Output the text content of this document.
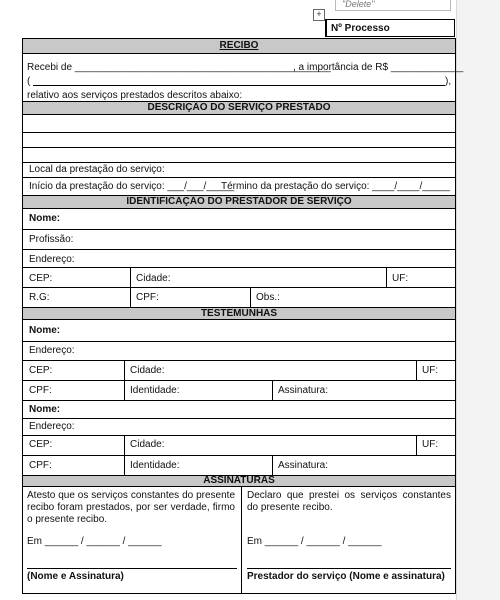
"Delete"
+
Nº Processo
RECIBO
Recebi de ______________________________________________
, a importância de R$ _____________
(	),
relativo aos serviços prestados descritos abaixo:
DESCRIÇÃO DO SERVIÇO PRESTADO
Local da prestação do serviço:
Início da prestação do serviço: ___/___/_____
Término da prestação do serviço: ____/____/_____
IDENTIFICAÇÃO DO PRESTADOR DE SERVIÇO
Nome:
Profissão:
Endereço:
CEP:	Cidade:	UF:
R.G:	CPF:	Obs.:
TESTEMUNHAS
Nome:
Endereço:
CEP:	Cidade:	UF:
CPF:	Identidade:	Assinatura:
Nome:
Endereço:
CEP:	Cidade:	UF:
CPF:	Identidade:	Assinatura:
ASSINATURAS
Atesto que os serviços constantes do presente recibo foram prestados, por ser verdade, firmo o presente recibo.
Declaro que prestei os serviços constantes do presente recibo.
Em ______ / ______ / ______	Em ______ / ______ / ______
(Nome e Assinatura)	Prestador do serviço (Nome e assinatura)
